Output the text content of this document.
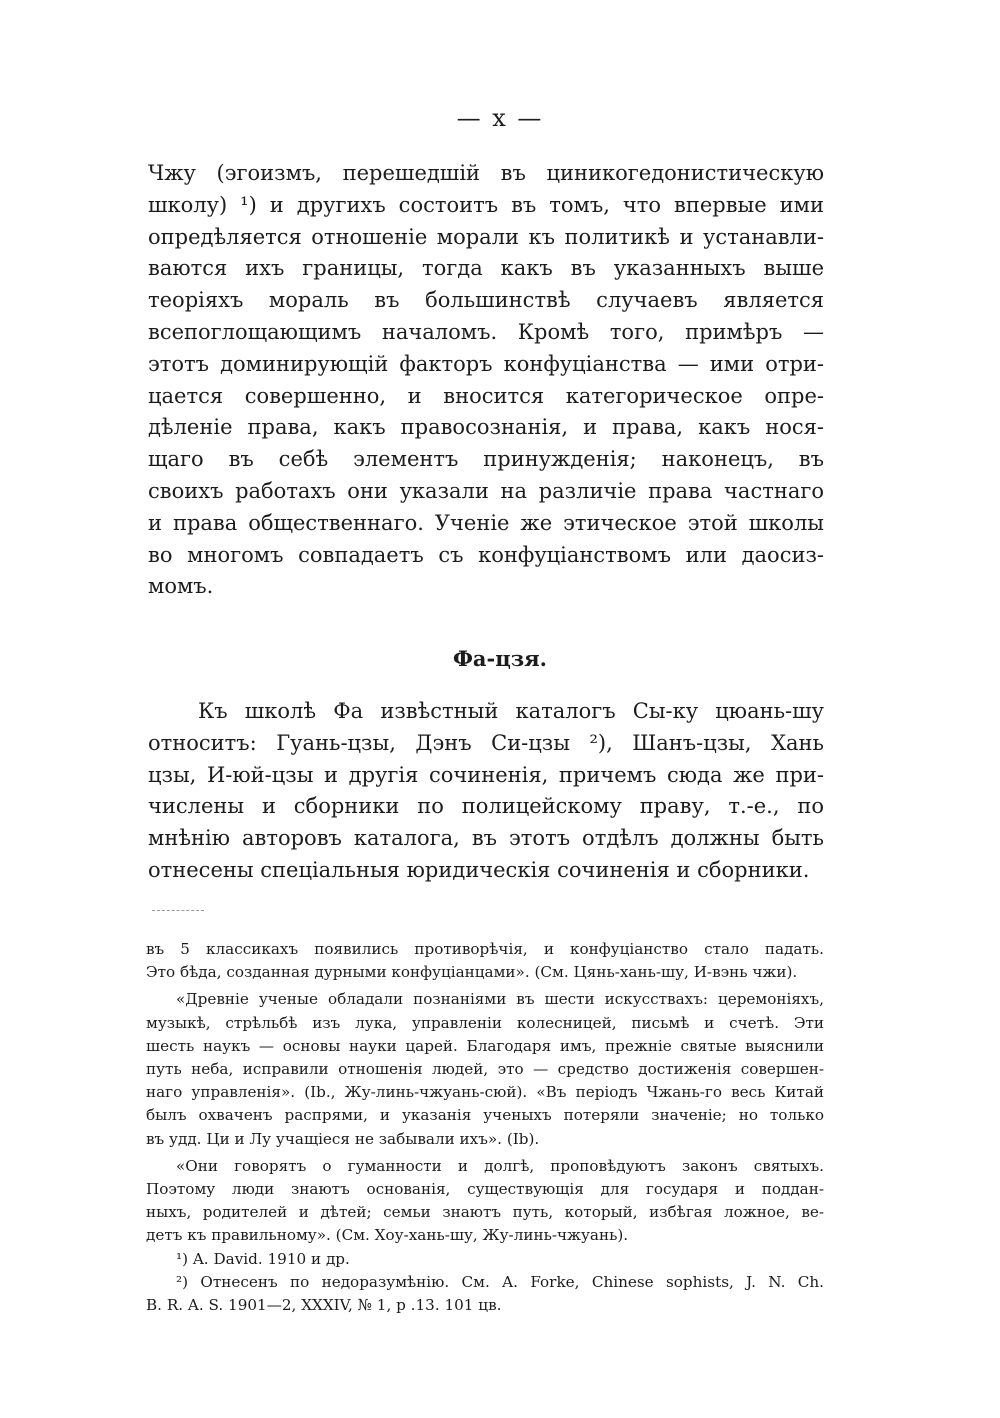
— x —
Чжу (эгоизмъ, перешедшій въ циникогедонистическую
школу) ¹) и другихъ состоитъ въ томъ, что впервые ими
опредѣляется отношеніе морали къ политикѣ и устанавли-
ваются ихъ границы, тогда какъ въ указанныхъ выше
теоріяхъ мораль въ большинствѣ случаевъ является
всепоглощающимъ началомъ. Кромѣ того, примѣръ —
этотъ доминирующій факторъ конфуціанства — ими отри-
цается совершенно, и вносится категорическое опре-
дѣленіе права, какъ правосознанія, и права, какъ нося-
щаго въ себѣ элементъ принужденія; наконецъ, въ
своихъ работахъ они указали на различіе права частнаго
и права общественнаго. Ученіе же этическое этой школы
во многомъ совпадаетъ съ конфуціанствомъ или даосиз-
момъ.
Фа-цзя.
Къ школѣ Фа извѣстный каталогъ Сы-ку цюань-шу
относитъ: Гуань-цзы, Дэнъ Си-цзы ²), Шанъ-цзы, Хань
цзы, И-юй-цзы и другія сочиненія, причемъ сюда же при-
числены и сборники по полицейскому праву, т.-е., по
мнѣнію авторовъ каталога, въ этотъ отдѣлъ должны быть
отнесены спеціальныя юридическія сочиненія и сборники.
въ 5 классикахъ появились противорѣчія, и конфуціанство стало падать.
Это бѣда, созданная дурными конфуціанцами». (См. Цянь-хань-шу, И-вэнь чжи).
«Древніе ученые обладали познаніями въ шести искусствахъ: церемоніяхъ,
музыкѣ, стрѣльбѣ изъ лука, управленіи колесницей, письмѣ и счетѣ. Эти
шесть наукъ — основы науки царей. Благодаря имъ, прежніе святые выяснили
путь неба, исправили отношенія людей, это — средство достиженія совершен-
наго управленія». (Ib., Жу-линь-чжуань-сюй). «Въ періодъ Чжань-го весь Китай
былъ охваченъ распрями, и указанія ученыхъ потеряли значеніе; но только
въ удд. Ци и Лу учащіеся не забывали ихъ». (Ib).
«Они говорятъ о гуманности и долгѣ, проповѣдуютъ законъ святыхъ.
Поэтому люди знаютъ основанія, существующія для государя и поддан-
ныхъ, родителей и дѣтей; семьи знаютъ путь, который, избѣгая ложное, ве-
детъ къ правильному». (См. Хоу-хань-шу, Жу-линь-чжуань).
¹) A. David. 1910 и др.
²) Отнесенъ по недоразумѣнію. См. A. Forke, Chinese sophists, J. N. Ch.
B. R. A. S. 1901—2, XXXIV, № 1, p .13. 101 цв.
